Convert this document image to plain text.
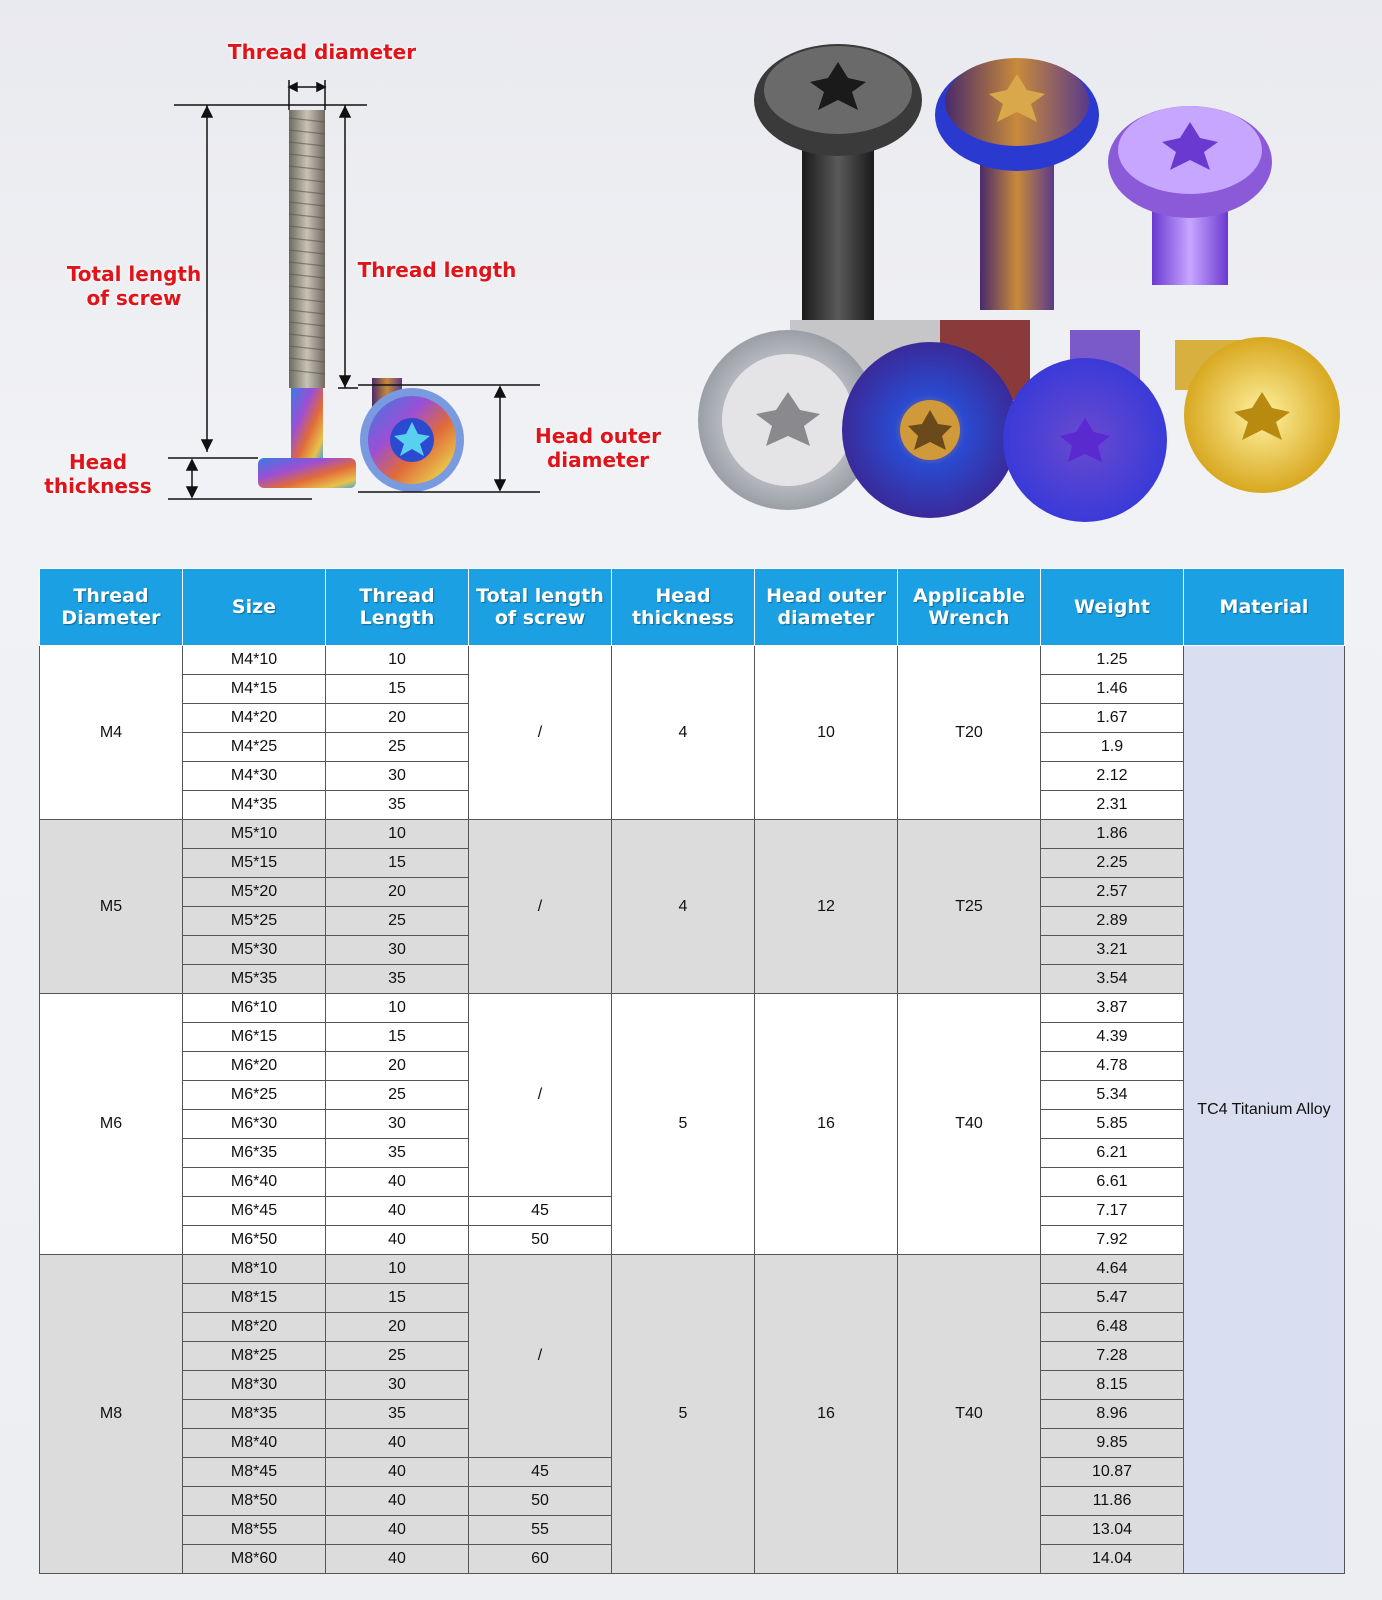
Thread diameter
Total length of screw
Thread length
Head thickness
Head outer diameter
Thread Diameter	Size	Thread Length	Total length of screw	Head thickness	Head outer diameter	Applicable Wrench	Weight	Material
M4	M4*10	10	/	4	10	T20	1.25	TC4 Titanium Alloy
	M4*15	15					1.46	
	M4*20	20					1.67	
	M4*25	25					1.9	
	M4*30	30					2.12	
	M4*35	35					2.31	
M5	M5*10	10	/	4	12	T25	1.86	
	M5*15	15					2.25	
	M5*20	20					2.57	
	M5*25	25					2.89	
	M5*30	30					3.21	
	M5*35	35					3.54	
M6	M6*10	10	/	5	16	T40	3.87	
	M6*15	15					4.39	
	M6*20	20					4.78	
	M6*25	25					5.34	
	M6*30	30					5.85	
	M6*35	35					6.21	
	M6*40	40					6.61	
	M6*45	40	45				7.17	
	M6*50	40	50				7.92	
M8	M8*10	10	/	5	16	T40	4.64	
	M8*15	15					5.47	
	M8*20	20					6.48	
	M8*25	25					7.28	
	M8*30	30					8.15	
	M8*35	35					8.96	
	M8*40	40					9.85	
	M8*45	40	45				10.87	
	M8*50	40	50				11.86	
	M8*55	40	55				13.04	
	M8*60	40	60				14.04	
